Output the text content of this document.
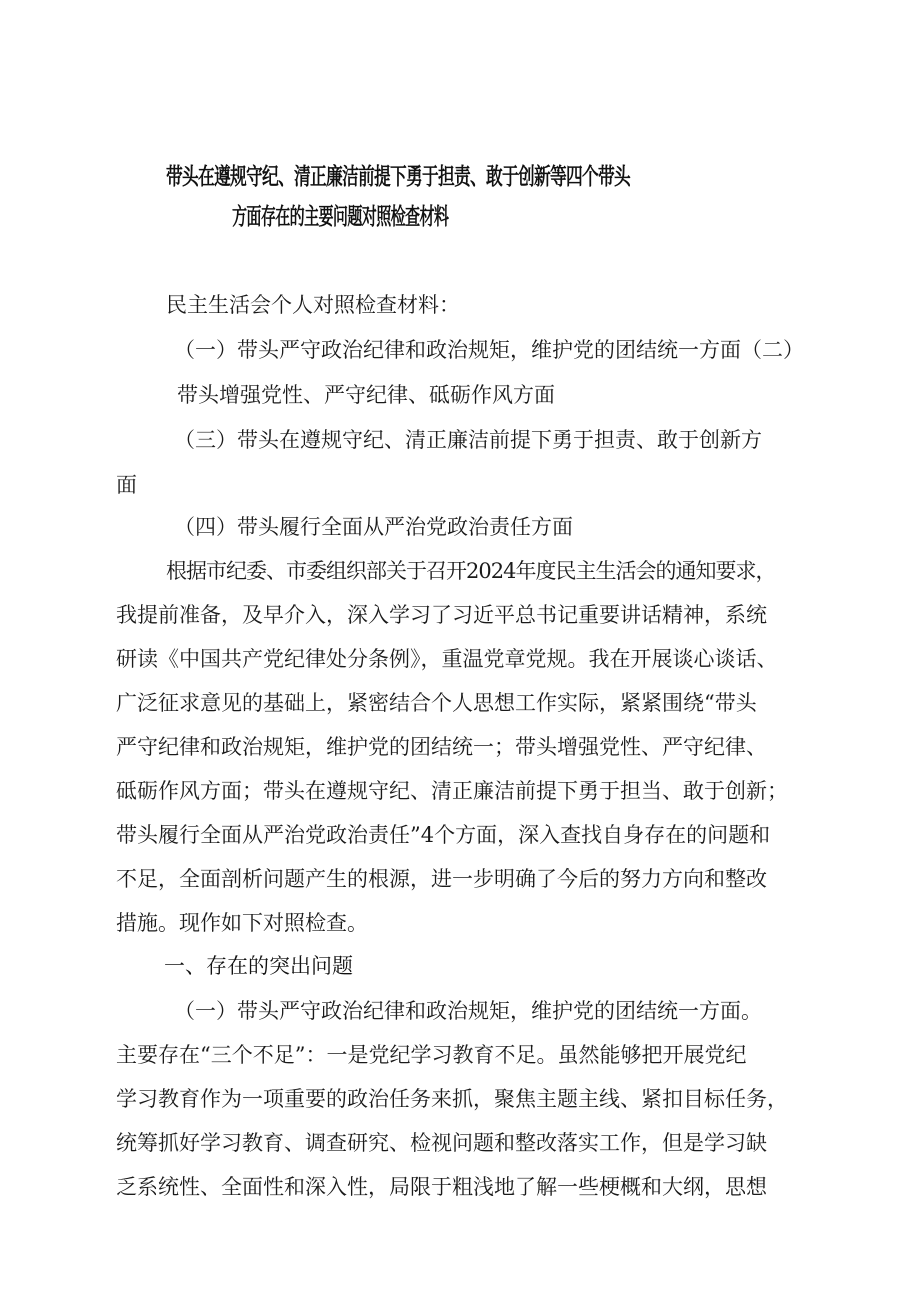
带头在遵规守纪、清正廉洁前提下勇于担责、敢于创新等四个带头
方面存在的主要问题对照检查材料
民主生活会个人对照检查材料：
（一）带头严守政治纪律和政治规矩，维护党的团结统一方面（二）
带头增强党性、严守纪律、砥砺作风方面
（三）带头在遵规守纪、清正廉洁前提下勇于担责、敢于创新方
面
（四）带头履行全面从严治党政治责任方面
根据市纪委、市委组织部关于召开2024年度民主生活会的通知要求，
我提前准备，及早介入，深入学习了习近平总书记重要讲话精神，系统
研读《中国共产党纪律处分条例》，重温党章党规。我在开展谈心谈话、
广泛征求意见的基础上，紧密结合个人思想工作实际，紧紧围绕“带头
严守纪律和政治规矩，维护党的团结统一；带头增强党性、严守纪律、
砥砺作风方面；带头在遵规守纪、清正廉洁前提下勇于担当、敢于创新；
带头履行全面从严治党政治责任”4个方面，深入查找自身存在的问题和
不足，全面剖析问题产生的根源，进一步明确了今后的努力方向和整改
措施。现作如下对照检查。
一、存在的突出问题
（一）带头严守政治纪律和政治规矩，维护党的团结统一方面。
主要存在“三个不足”：一是党纪学习教育不足。虽然能够把开展党纪
学习教育作为一项重要的政治任务来抓，聚焦主题主线、紧扣目标任务，
统筹抓好学习教育、调查研究、检视问题和整改落实工作，但是学习缺
乏系统性、全面性和深入性，局限于粗浅地了解一些梗概和大纲，思想
